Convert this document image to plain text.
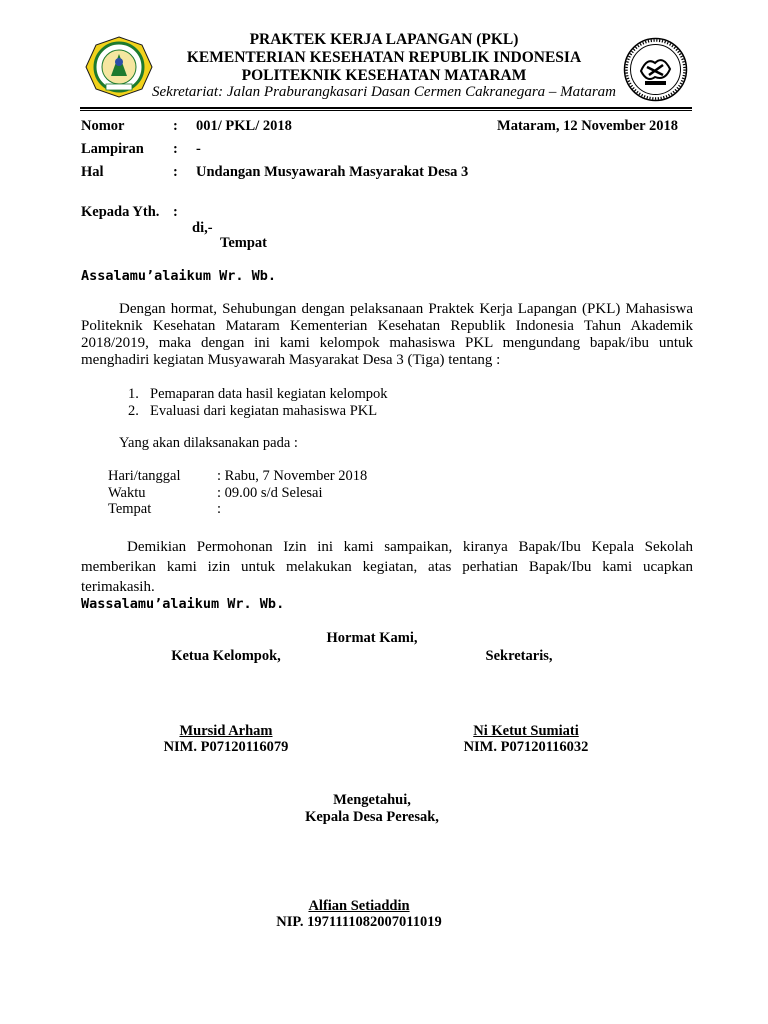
PRAKTEK KERJA LAPANGAN (PKL)
KEMENTERIAN KESEHATAN REPUBLIK INDONESIA
POLITEKNIK KESEHATAN MATARAM
Sekretariat: Jalan Praburangkasari Dasan Cermen Cakranegara – Mataram
Nomor	: 001/ PKL/ 2018	Mataram, 12 November 2018
Lampiran : -
Hal	: Undangan Musyawarah Masyarakat Desa 3
Kepada Yth. :
di,-
Tempat
Assalamu’alaikum Wr. Wb.
Dengan hormat, Sehubungan dengan pelaksanaan Praktek Kerja Lapangan (PKL) Mahasiswa
Politeknik Kesehatan Mataram Kementerian Kesehatan Republik Indonesia Tahun Akademik
2018/2019, maka dengan ini kami kelompok mahasiswa PKL mengundang bapak/ibu untuk
menghadiri kegiatan Musyawarah Masyarakat Desa 3 (Tiga) tentang :
1. Pemaparan data hasil kegiatan kelompok
2. Evaluasi dari kegiatan mahasiswa PKL
Yang akan dilaksanakan pada :
Hari/tanggal	: Rabu, 7 November 2018
Waktu	: 09.00 s/d Selesai
Tempat	:
Demikian Permohonan Izin ini kami sampaikan, kiranya Bapak/Ibu Kepala Sekolah
memberikan kami izin untuk melakukan kegiatan, atas perhatian Bapak/Ibu kami ucapkan
terimakasih.
Wassalamu’alaikum Wr. Wb.
Hormat Kami,
Ketua Kelompok,	Sekretaris,
Mursid Arham
NIM. P07120116079
Ni Ketut Sumiati
NIM. P07120116032
Mengetahui,
Kepala Desa Peresak,
Alfian Setiaddin
NIP. 1971111082007011019
